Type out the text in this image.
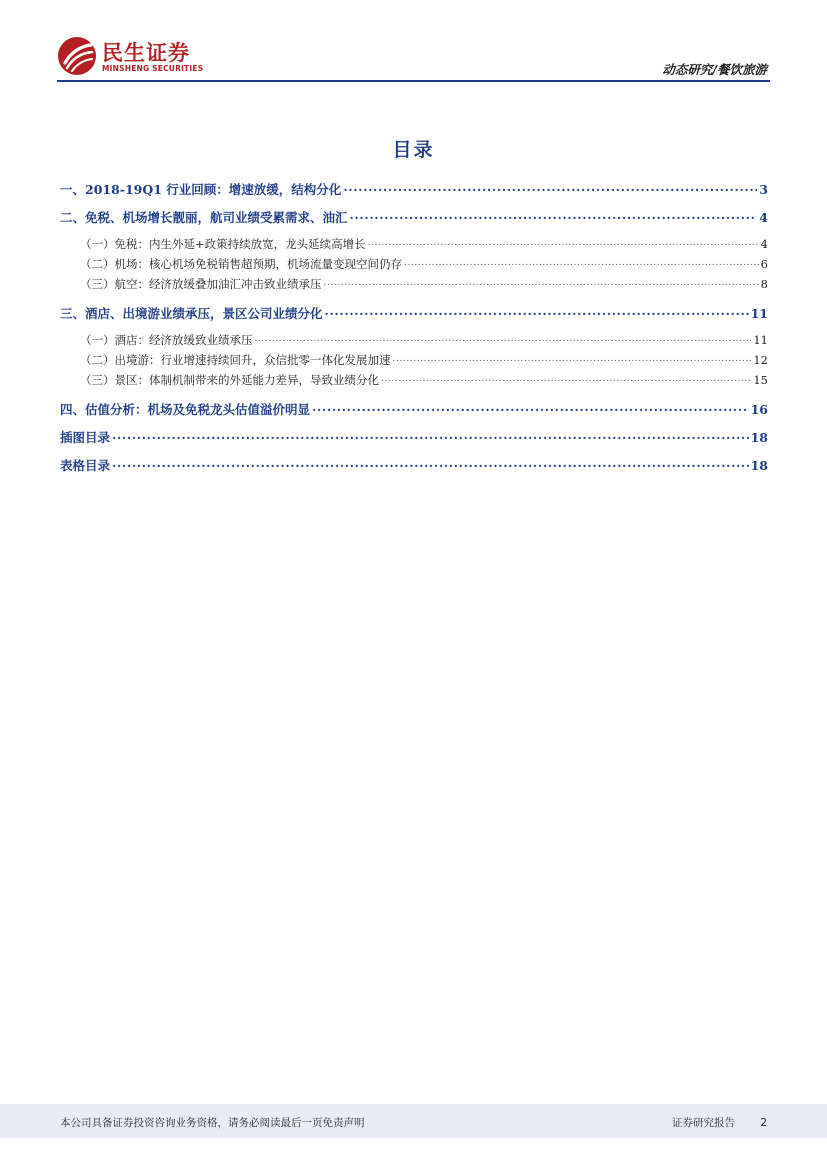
民生证券
MINSHENG SECURITIES	动态研究/餐饮旅游
目录
一、2018-19Q1 行业回顾：增速放缓，结构分化 .....	3
二、免税、机场增长靓丽，航司业绩受累需求、油汇 .....	4
（一）免税：内生外延+政策持续放宽，龙头延续高增长 .....	4
（二）机场：核心机场免税销售超预期，机场流量变现空间仍存 .....	6
（三）航空：经济放缓叠加油汇冲击致业绩承压 .....	8
三、酒店、出境游业绩承压，景区公司业绩分化 .....	11
（一）酒店：经济放缓致业绩承压 .....	11
（二）出境游：行业增速持续回升，众信批零一体化发展加速 .....	12
（三）景区：体制机制带来的外延能力差异，导致业绩分化 .....	15
四、估值分析：机场及免税龙头估值溢价明显 .....	16
插图目录 .....	18
表格目录 .....	18
本公司具备证券投资咨询业务资格，请务必阅读最后一页免责声明	证券研究报告 2
